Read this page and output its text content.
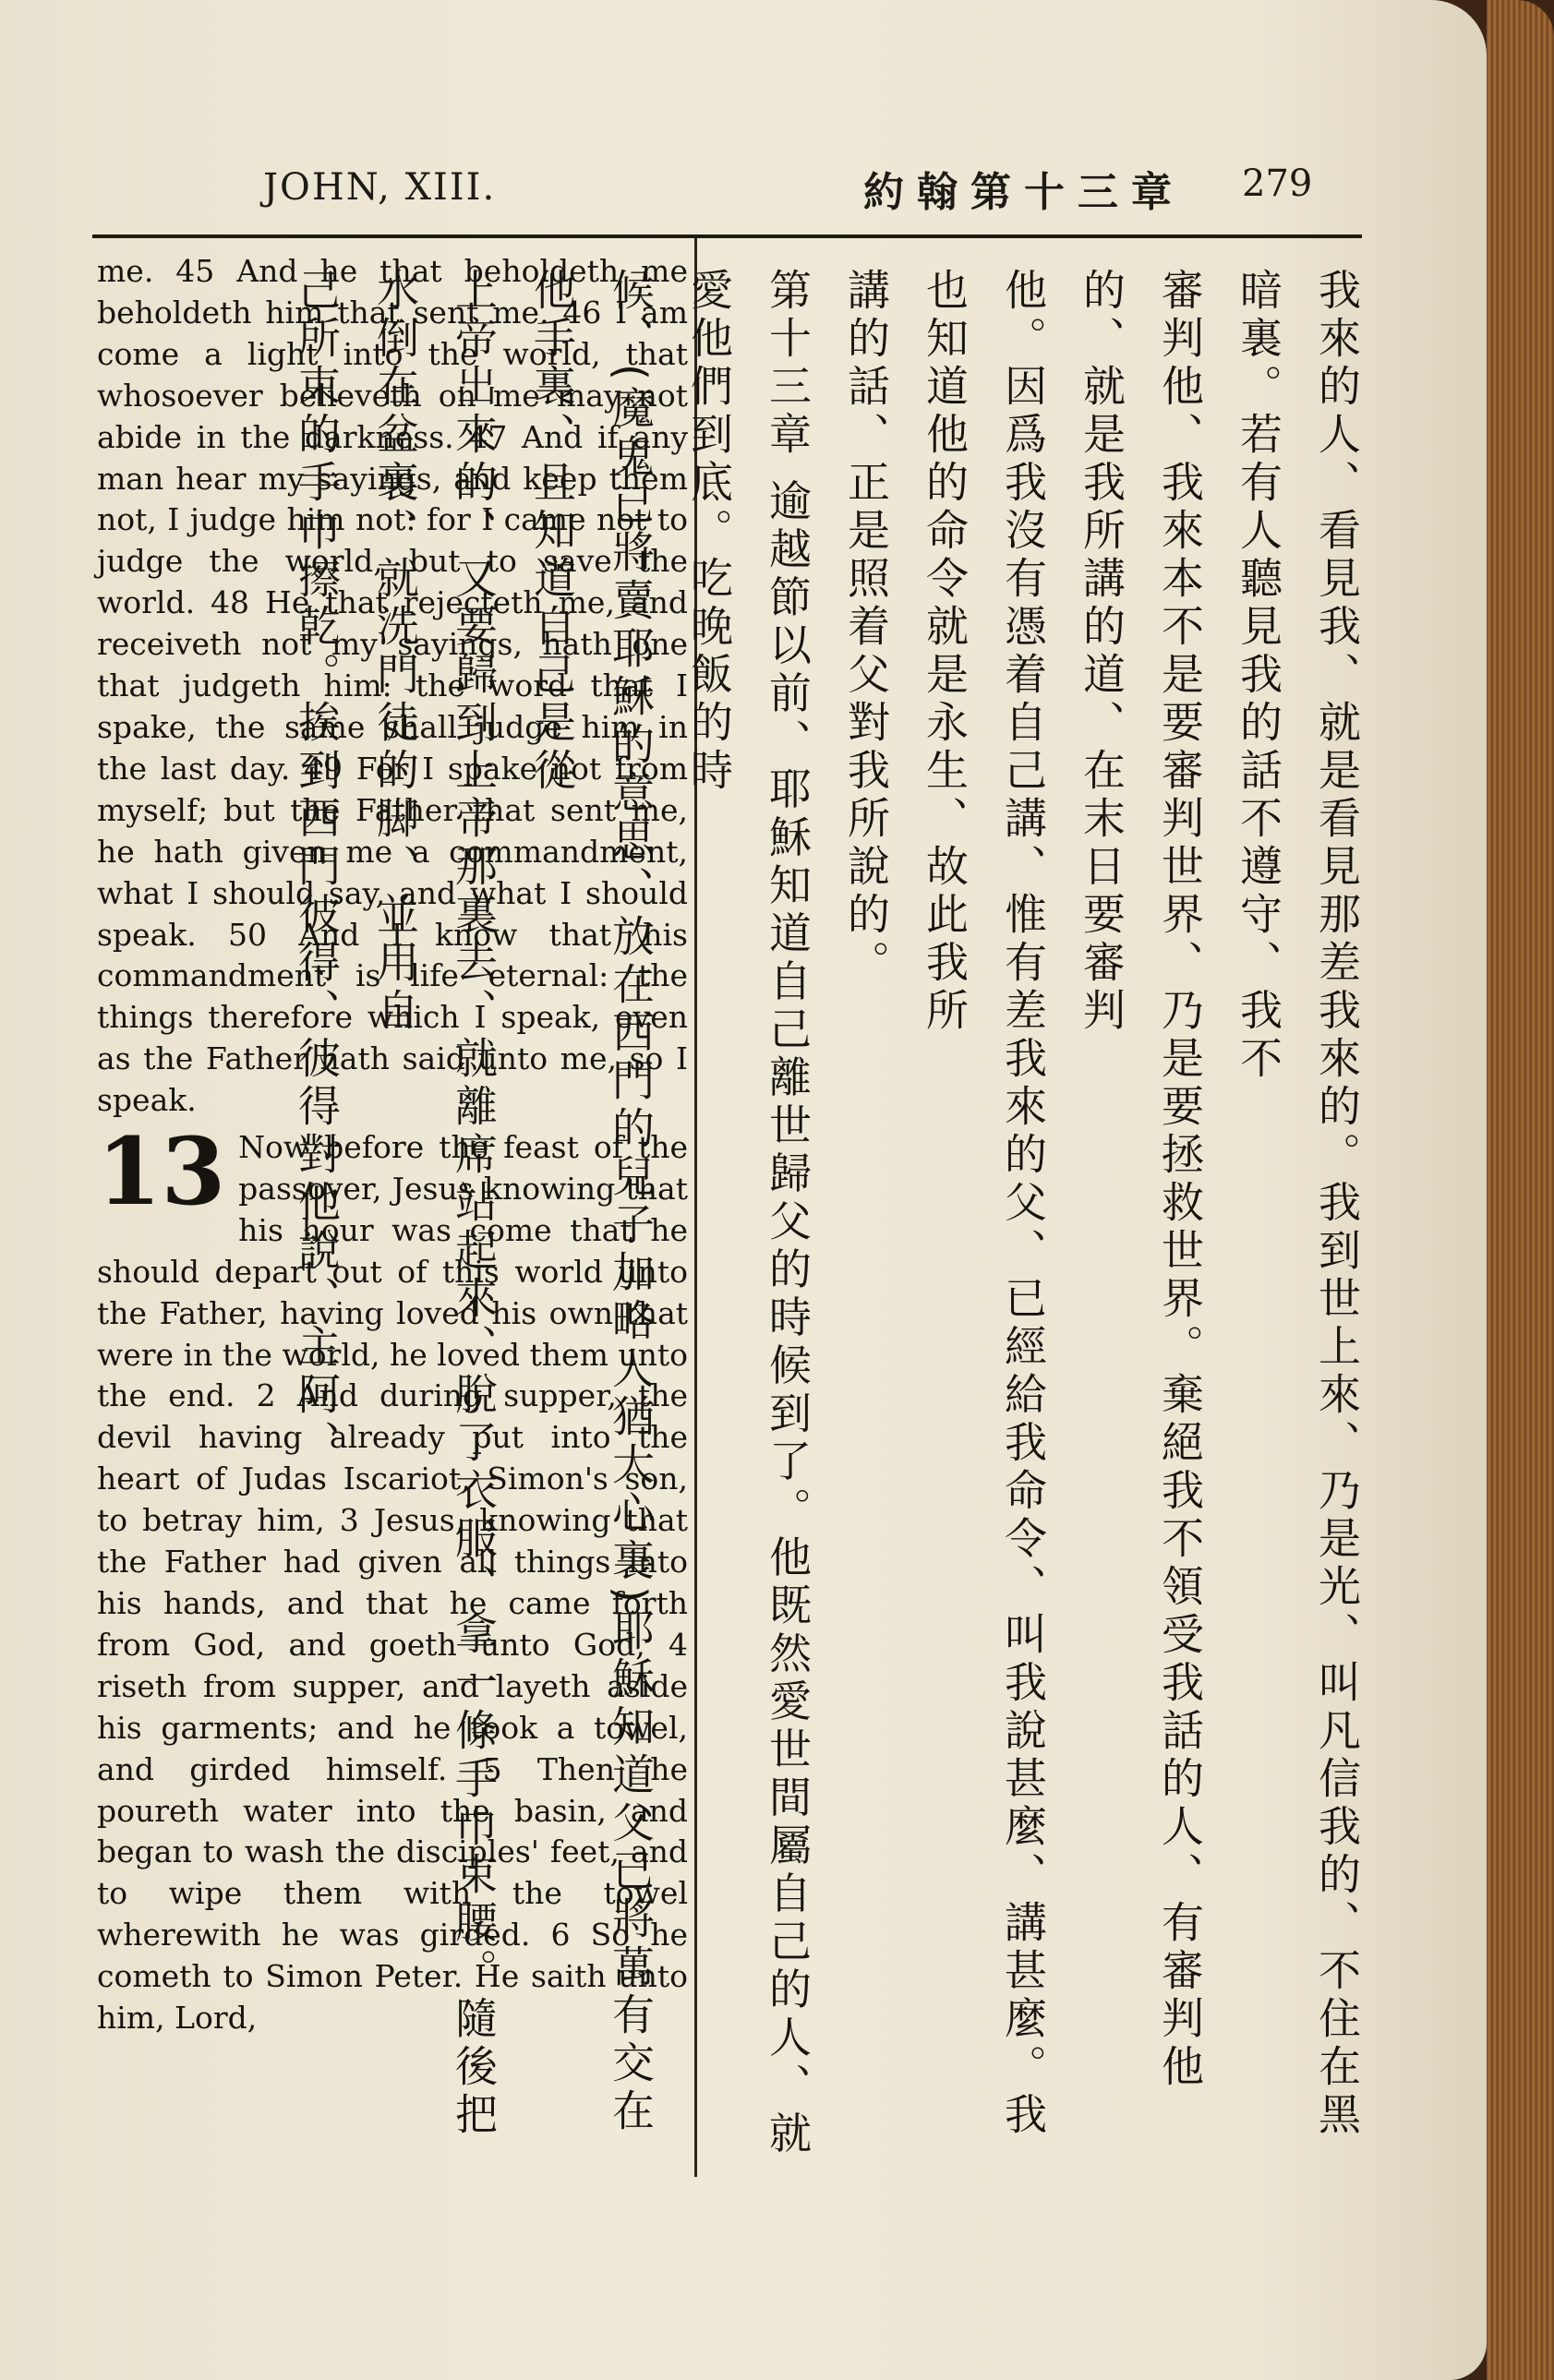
JOHN, XIII.	約翰第十三章 279

me. 45 And he that beholdeth me beholdeth him that sent me. 46 I am come a light into the world, that whosoever believeth on me may not abide in the darkness. 47 And if any man hear my sayings, and keep them not, I judge him not: for I came not to judge the world, but to save the world. 48 He that rejecteth me, and receiveth not my sayings, hath one that judgeth him: the word that I spake, the same shall judge him in the last day. 49 For I spake not from myself; but the Father that sent me, he hath given me a commandment, what I should say, and what I should speak. 50 And I know that his commandment is life eternal: the things therefore which I speak, even as the Father hath said unto me, so I speak.

13 Now before the feast of the passover, Jesus knowing that his hour was come that he should depart out of this world unto the Father, having loved his own that were in the world, he loved them unto the end. 2 And during supper, the devil having already put into the heart of Judas Iscariot, Simon's son, to betray him, 3 Jesus, knowing that the Father had given all things into his hands, and that he came forth from God, and goeth unto God, 4 riseth from supper, and layeth aside his garments; and he took a towel, and girded himself. 5 Then he poureth water into the basin, and began to wash the disciples' feet, and to wipe them with the towel wherewith he was girded. 6 So he cometh to Simon Peter. He saith unto him, Lord,	我來的人、看見我、就是看見那差我來的。我到世上來、乃是光、叫凡信我的、不住在黑暗裏。若有人聽見我的話不遵守、我不

審判他、我來本不是要審判世界、乃是要拯救世界。棄絕我不領受我話的人、有審判他的、就是我所講的道、在末日要審判

他。因爲我沒有憑着自己講、惟有差我來的父、已經給我命令、叫我說甚麼、講甚麼。我也知道他的命令就是永生、故此我所

講的話、正是照着父對我所說的。

第十三章 逾越節以前、耶穌知道自己離世歸父的時候到了。他既然愛世間屬自己的人、就愛他們到底。吃晚飯的時

候、(魔鬼已將賣耶穌的意思、放在西門的兒子加略人猶大心裏)耶穌知道父已將萬有交在他手裏、且知道自己是從

上帝出來的、又要歸到上帝那裏去、就離席站起來、脫了衣服、拿一條手巾束腰。隨後把水倒在盆裏、就洗門徒的脚、並用自

己所束的手巾擦乾。挨到西門彼得、彼得對他說、主阿、
